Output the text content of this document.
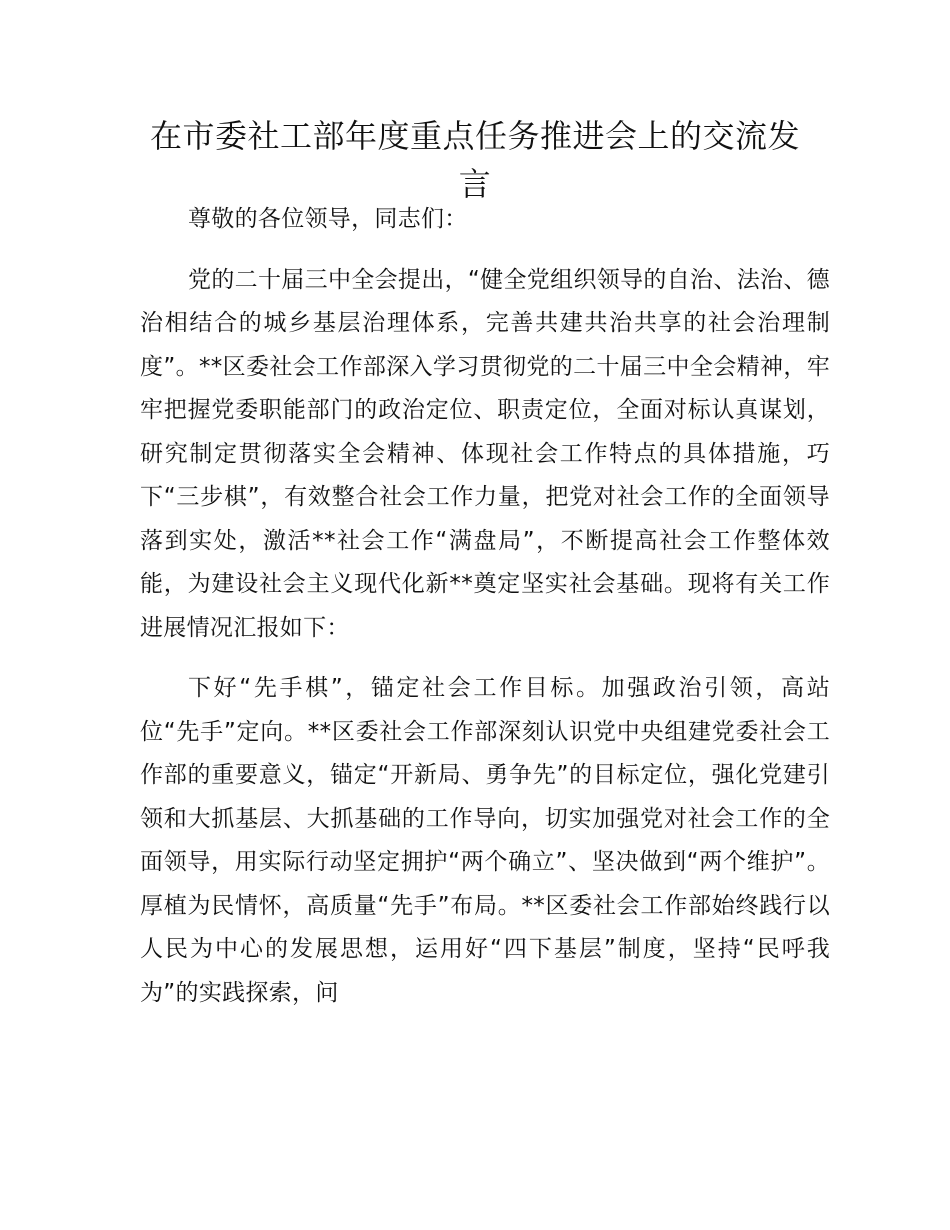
在市委社工部年度重点任务推进会上的交流发言

尊敬的各位领导，同志们：

党的二十届三中全会提出，“健全党组织领导的自治、法治、德治相结合的城乡基层治理体系，完善共建共治共享的社会治理制度”。**区委社会工作部深入学习贯彻党的二十届三中全会精神，牢牢把握党委职能部门的政治定位、职责定位，全面对标认真谋划，研究制定贯彻落实全会精神、体现社会工作特点的具体措施，巧下“三步棋”，有效整合社会工作力量，把党对社会工作的全面领导落到实处，激活**社会工作“满盘局”，不断提高社会工作整体效能，为建设社会主义现代化新**奠定坚实社会基础。现将有关工作进展情况汇报如下：

下好“先手棋”，锚定社会工作目标。加强政治引领，高站位“先手”定向。**区委社会工作部深刻认识党中央组建党委社会工作部的重要意义，锚定“开新局、勇争先”的目标定位，强化党建引领和大抓基层、大抓基础的工作导向，切实加强党对社会工作的全面领导，用实际行动坚定拥护“两个确立”、坚决做到“两个维护”。厚植为民情怀，高质量“先手”布局。**区委社会工作部始终践行以人民为中心的发展思想，运用好“四下基层”制度，坚持“民呼我为”的实践探索，问
